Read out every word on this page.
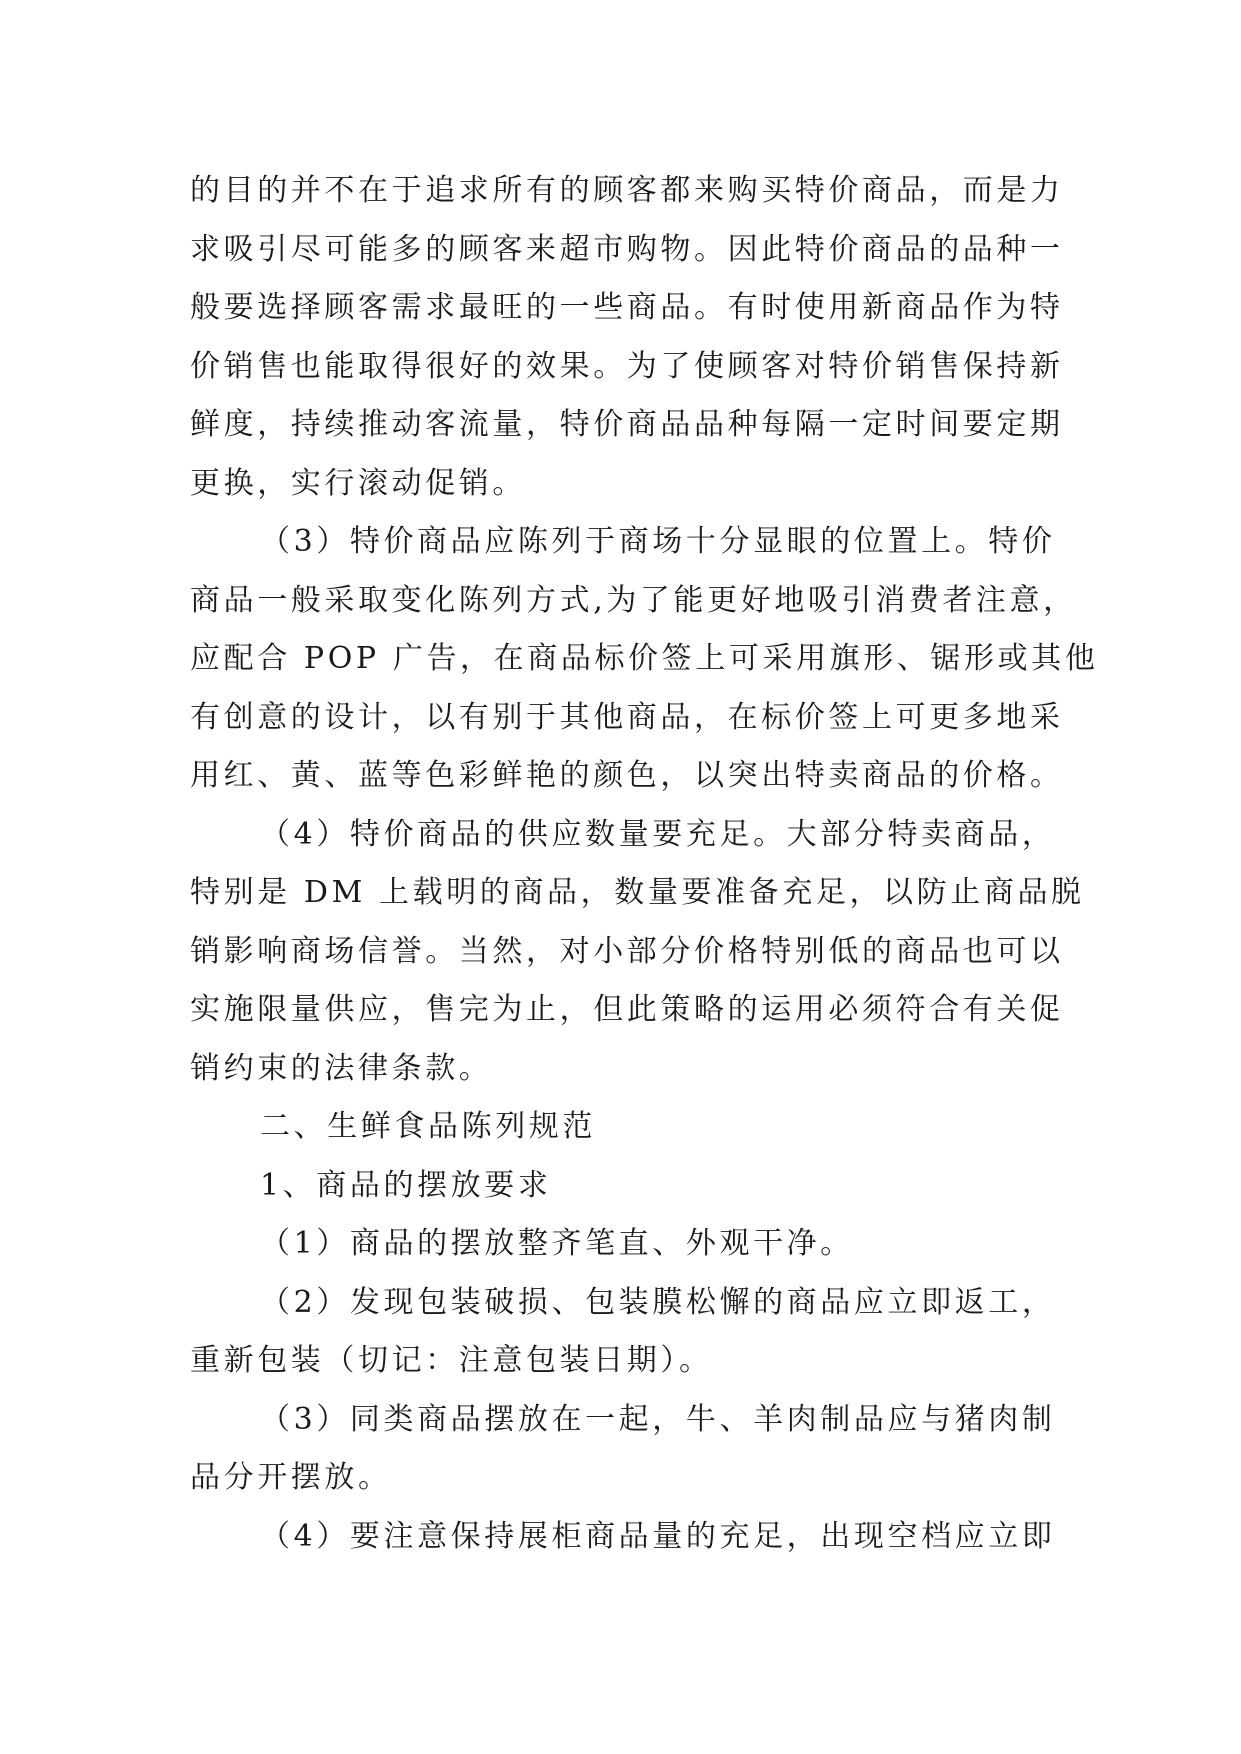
的目的并不在于追求所有的顾客都来购买特价商品，而是力
求吸引尽可能多的顾客来超市购物。因此特价商品的品种一
般要选择顾客需求最旺的一些商品。有时使用新商品作为特
价销售也能取得很好的效果。为了使顾客对特价销售保持新
鲜度，持续推动客流量，特价商品品种每隔一定时间要定期
更换，实行滚动促销。
（3）特价商品应陈列于商场十分显眼的位置上。特价
商品一般采取变化陈列方式,为了能更好地吸引消费者注意，
应配合 POP 广告，在商品标价签上可采用旗形、锯形或其他
有创意的设计，以有别于其他商品，在标价签上可更多地采
用红、黄、蓝等色彩鲜艳的颜色，以突出特卖商品的价格。
（4）特价商品的供应数量要充足。大部分特卖商品，
特别是 DM 上载明的商品，数量要准备充足，以防止商品脱
销影响商场信誉。当然，对小部分价格特别低的商品也可以
实施限量供应，售完为止，但此策略的运用必须符合有关促
销约束的法律条款。
二、生鲜食品陈列规范
1、商品的摆放要求
（1）商品的摆放整齐笔直、外观干净。
（2）发现包装破损、包装膜松懈的商品应立即返工，
重新包装（切记：注意包装日期）。
（3）同类商品摆放在一起，牛、羊肉制品应与猪肉制
品分开摆放。
（4）要注意保持展柜商品量的充足，出现空档应立即
